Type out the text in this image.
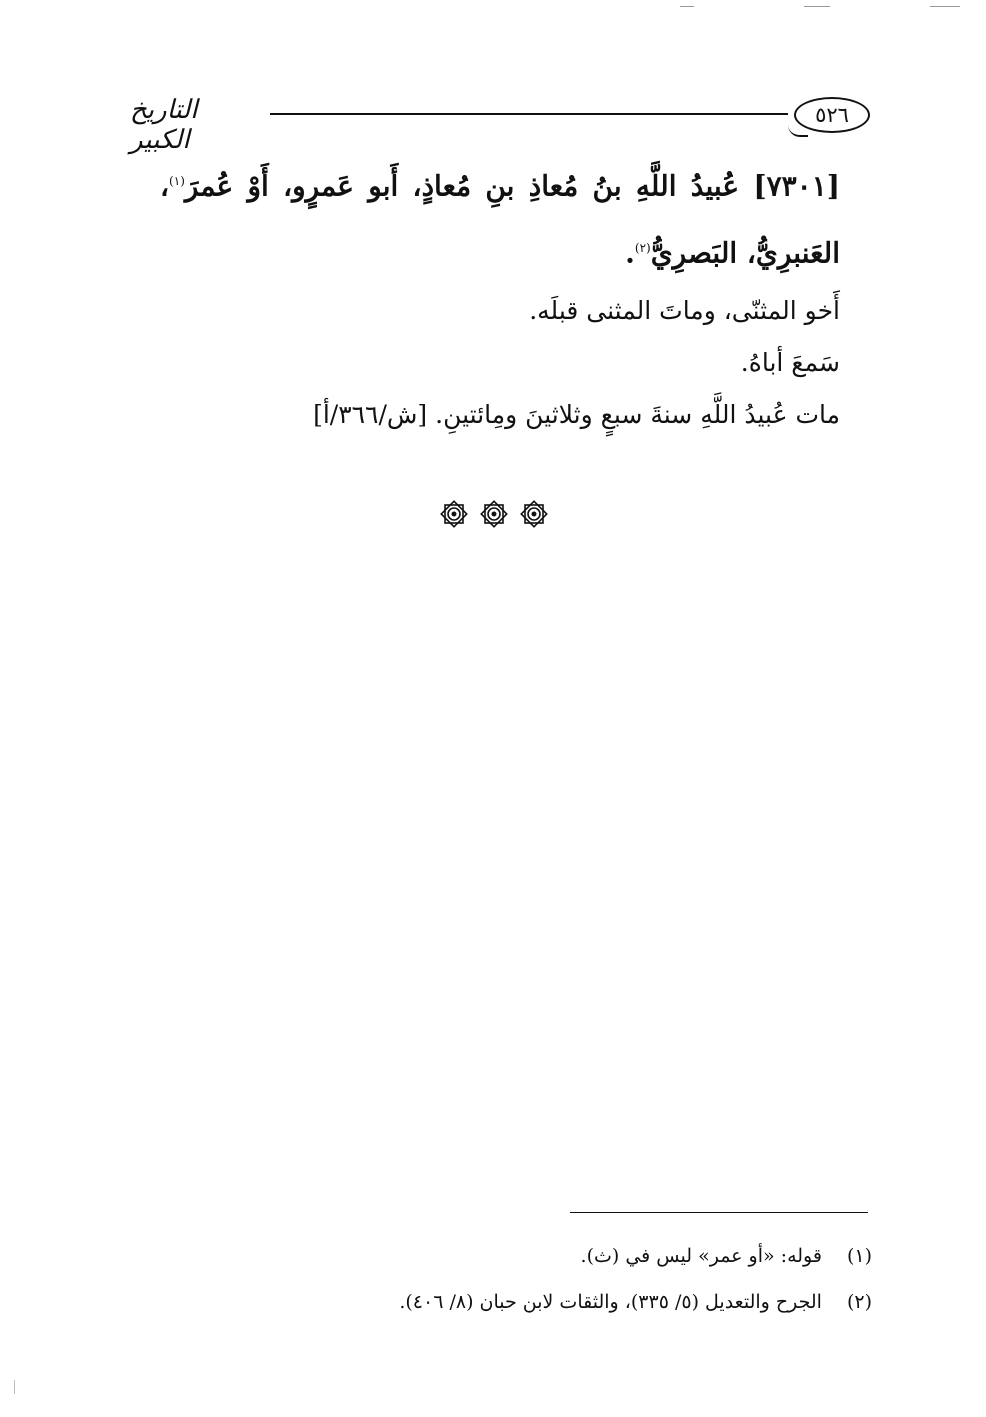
التاريخ الكبير
٥٢٦
[٧٣٠١] عُبيدُ اللَّهِ بنُ مُعاذِ بنِ مُعاذٍ، أَبو عَمرٍو، أَوْ عُمرَ$^{(١)}$، العَنبرِيُّ، البَصرِيُّ$^{(٢)}$.
أَخو المثنّى، وماتَ المثنى قبلَه.
سَمعَ أباهُ.
مات عُبيدُ اللَّهِ سنةَ سبعٍ وثلاثينَ ومِائتينِ. [ش/٣٦٦/أ]
(١) قوله: «أو عمر» ليس في (ث).
(٢) الجرح والتعديل (٥/ ٣٣٥)، والثقات لابن حبان (٨/ ٤٠٦).
